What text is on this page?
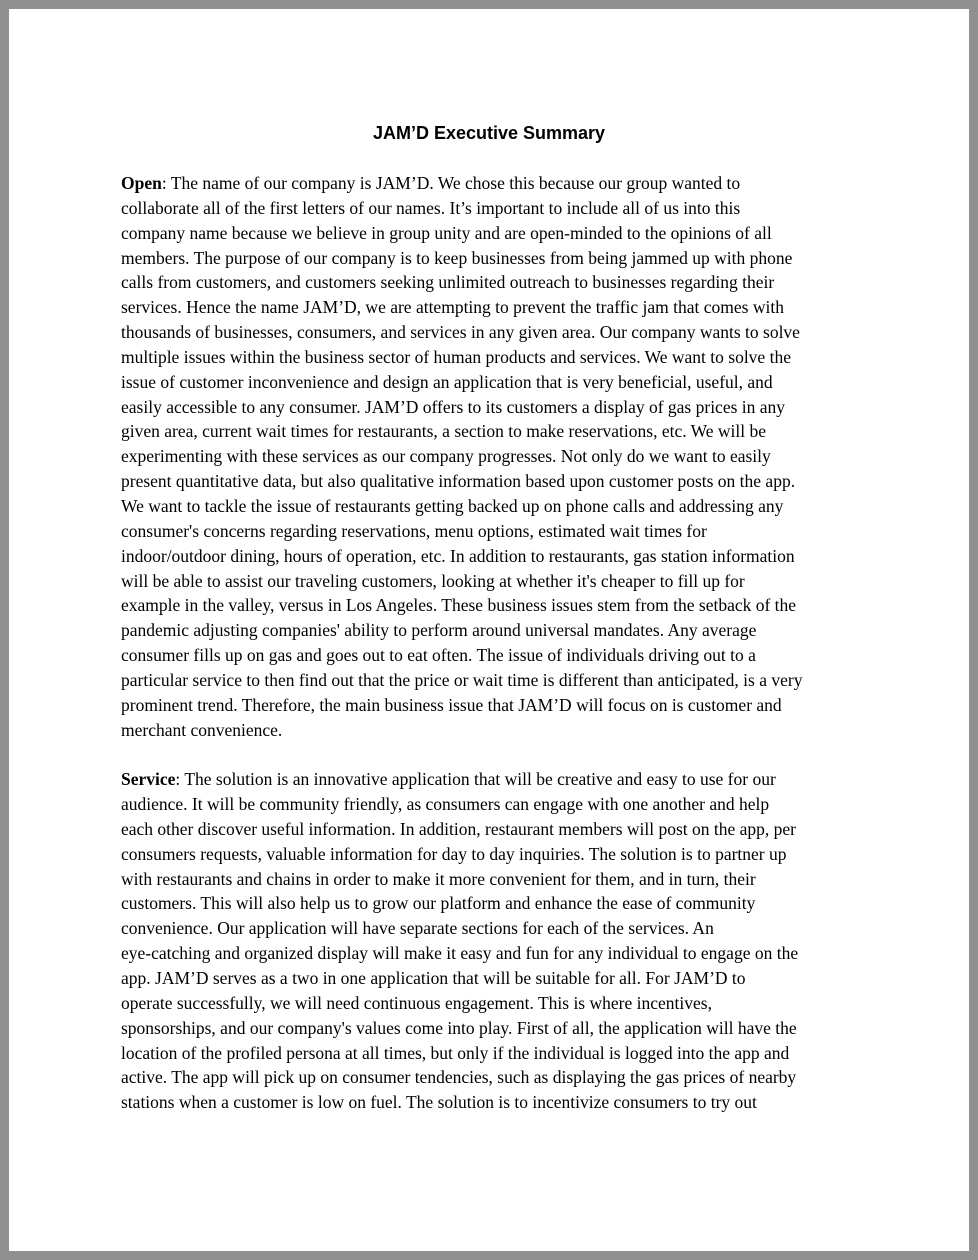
JAM’D Executive Summary

Open: The name of our company is JAM’D. We chose this because our group wanted to
collaborate all of the first letters of our names. It’s important to include all of us into this
company name because we believe in group unity and are open-minded to the opinions of all
members. The purpose of our company is to keep businesses from being jammed up with phone
calls from customers, and customers seeking unlimited outreach to businesses regarding their
services. Hence the name JAM’D, we are attempting to prevent the traffic jam that comes with
thousands of businesses, consumers, and services in any given area. Our company wants to solve
multiple issues within the business sector of human products and services. We want to solve the
issue of customer inconvenience and design an application that is very beneficial, useful, and
easily accessible to any consumer. JAM’D offers to its customers a display of gas prices in any
given area, current wait times for restaurants, a section to make reservations, etc. We will be
experimenting with these services as our company progresses. Not only do we want to easily
present quantitative data, but also qualitative information based upon customer posts on the app.
We want to tackle the issue of restaurants getting backed up on phone calls and addressing any
consumer's concerns regarding reservations, menu options, estimated wait times for
indoor/outdoor dining, hours of operation, etc. In addition to restaurants, gas station information
will be able to assist our traveling customers, looking at whether it's cheaper to fill up for
example in the valley, versus in Los Angeles. These business issues stem from the setback of the
pandemic adjusting companies' ability to perform around universal mandates. Any average
consumer fills up on gas and goes out to eat often. The issue of individuals driving out to a
particular service to then find out that the price or wait time is different than anticipated, is a very
prominent trend. Therefore, the main business issue that JAM’D will focus on is customer and
merchant convenience.

Service: The solution is an innovative application that will be creative and easy to use for our
audience. It will be community friendly, as consumers can engage with one another and help
each other discover useful information. In addition, restaurant members will post on the app, per
consumers requests, valuable information for day to day inquiries. The solution is to partner up
with restaurants and chains in order to make it more convenient for them, and in turn, their
customers. This will also help us to grow our platform and enhance the ease of community
convenience. Our application will have separate sections for each of the services. An
eye-catching and organized display will make it easy and fun for any individual to engage on the
app. JAM’D serves as a two in one application that will be suitable for all. For JAM’D to
operate successfully, we will need continuous engagement. This is where incentives,
sponsorships, and our company's values come into play. First of all, the application will have the
location of the profiled persona at all times, but only if the individual is logged into the app and
active. The app will pick up on consumer tendencies, such as displaying the gas prices of nearby
stations when a customer is low on fuel. The solution is to incentivize consumers to try out
